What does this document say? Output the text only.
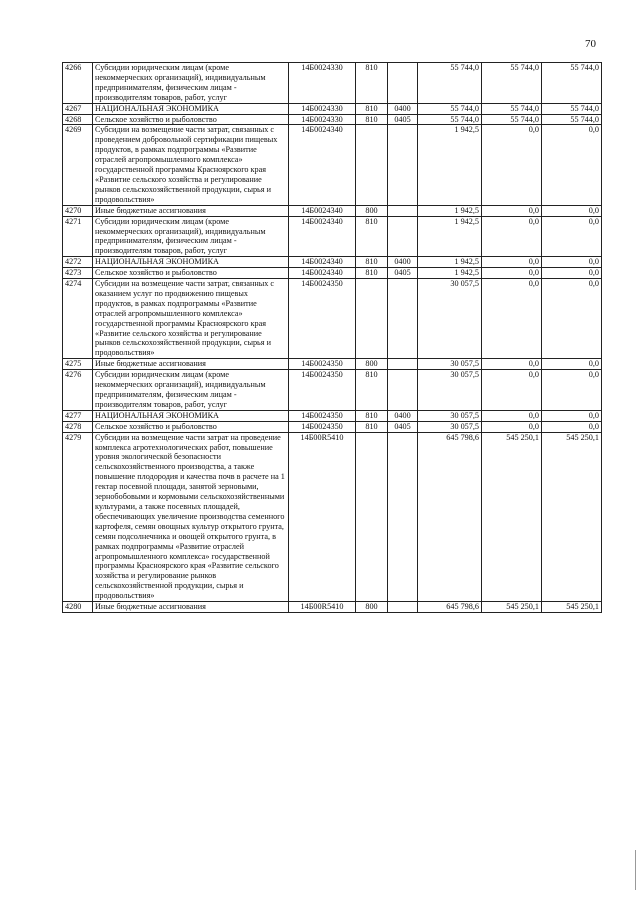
70
4266	Субсидии юридическим лицам (кроме некоммерческих организаций), индивидуальным предпринимателям, физическим лицам - производителям товаров, работ, услуг	14Б0024330	810		55 744,0	55 744,0	55 744,0
4267	НАЦИОНАЛЬНАЯ ЭКОНОМИКА	14Б0024330	810	0400	55 744,0	55 744,0	55 744,0
4268	Сельское хозяйство и рыболовство	14Б0024330	810	0405	55 744,0	55 744,0	55 744,0
4269	Субсидии на возмещение части затрат, связанных с проведением добровольной сертификации пищевых продуктов, в рамках подпрограммы «Развитие отраслей агропромышленного комплекса» государственной программы Красноярского края «Развитие сельского хозяйства и регулирование рынков сельскохозяйственной продукции, сырья и продовольствия»	14Б0024340			1 942,5	0,0	0,0
4270	Иные бюджетные ассигнования	14Б0024340	800		1 942,5	0,0	0,0
4271	Субсидии юридическим лицам (кроме некоммерческих организаций), индивидуальным предпринимателям, физическим лицам - производителям товаров, работ, услуг	14Б0024340	810		1 942,5	0,0	0,0
4272	НАЦИОНАЛЬНАЯ ЭКОНОМИКА	14Б0024340	810	0400	1 942,5	0,0	0,0
4273	Сельское хозяйство и рыболовство	14Б0024340	810	0405	1 942,5	0,0	0,0
4274	Субсидии на возмещение части затрат, связанных с оказанием услуг по продвижению пищевых продуктов, в рамках подпрограммы «Развитие отраслей агропромышленного комплекса» государственной программы Красноярского края «Развитие сельского хозяйства и регулирование рынков сельскохозяйственной продукции, сырья и продовольствия»	14Б0024350			30 057,5	0,0	0,0
4275	Иные бюджетные ассигнования	14Б0024350	800		30 057,5	0,0	0,0
4276	Субсидии юридическим лицам (кроме некоммерческих организаций), индивидуальным предпринимателям, физическим лицам - производителям товаров, работ, услуг	14Б0024350	810		30 057,5	0,0	0,0
4277	НАЦИОНАЛЬНАЯ ЭКОНОМИКА	14Б0024350	810	0400	30 057,5	0,0	0,0
4278	Сельское хозяйство и рыболовство	14Б0024350	810	0405	30 057,5	0,0	0,0
4279	Субсидии на возмещение части затрат на проведение комплекса агротехнологических работ, повышение уровня экологической безопасности сельскохозяйственного производства, а также повышение плодородия и качества почв в расчете на 1 гектар посевной площади, занятой зерновыми, зернобобовыми и кормовыми сельскохозяйственными культурами, а также посевных площадей, обеспечивающих увеличение производства семенного картофеля, семян овощных культур открытого грунта, семян подсолнечника и овощей открытого грунта, в рамках подпрограммы «Развитие отраслей агропромышленного комплекса» государственной программы Красноярского края «Развитие сельского хозяйства и регулирование рынков сельскохозяйственной продукции, сырья и продовольствия»	14Б00R5410			645 798,6	545 250,1	545 250,1
4280	Иные бюджетные ассигнования	14Б00R5410	800		645 798,6	545 250,1	545 250,1
